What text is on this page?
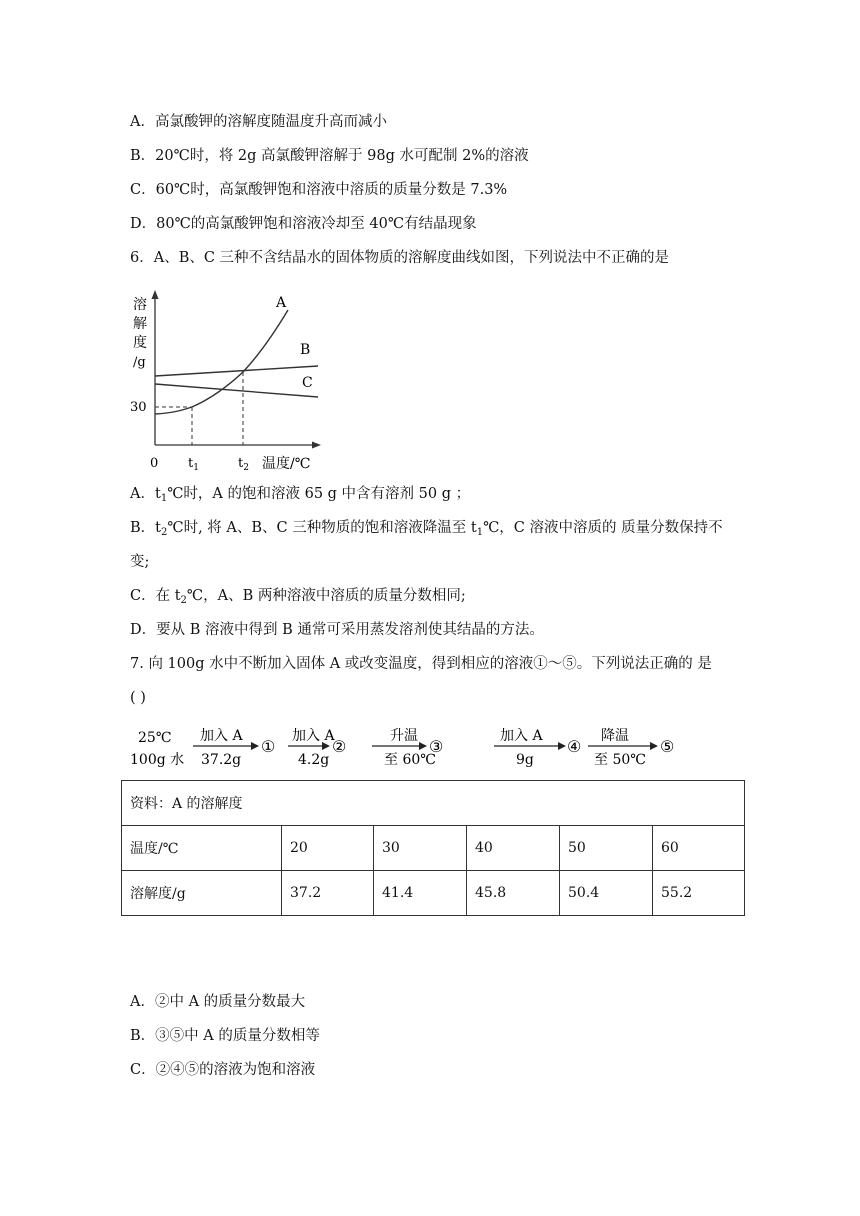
A．高氯酸钾的溶解度随温度升高而减小
B．20℃时，将 2g 高氯酸钾溶解于 98g 水可配制 2%的溶液
C．60℃时，高氯酸钾饱和溶液中溶质的质量分数是 7.3%
D．80℃的高氯酸钾饱和溶液冷却至 40℃有结晶现象
6．A、B、C 三种不含结晶水的固体物质的溶解度曲线如图，下列说法中不正确的是
溶
解
度
/g
30
A
B
C
0 $t_1$	$t_2$ 温度/℃
A．$t_1℃$时，A 的饱和溶液 65 g 中含有溶剂 50 g ；
B．$t_2℃$时, 将 A、B、C 三种物质的饱和溶液降温至 $t_1℃$，C 溶液中溶质的 质量分数保持不
变;
C．在 $t_2℃$，A、B 两种溶液中溶质的质量分数相同;
D．要从 B 溶液中得到 B 通常可采用蒸发溶剂使其结晶的方法。
7. 向 100g 水中不断加入固体 A 或改变温度，得到相应的溶液①～⑤。下列说法正确的 是
( )
25℃
100g 水
加入 A
37.2g
①
加入 A
4.2g
②
升温
至 60℃
③
加入 A
9g
④
降温
至 50℃
⑤
资料：A 的溶解度					
温度/℃	20	30	40	50	60
溶解度/g	37.2	41.4	45.8	50.4	55.2
A．②中 A 的质量分数最大
B．③⑤中 A 的质量分数相等
C．②④⑤的溶液为饱和溶液
